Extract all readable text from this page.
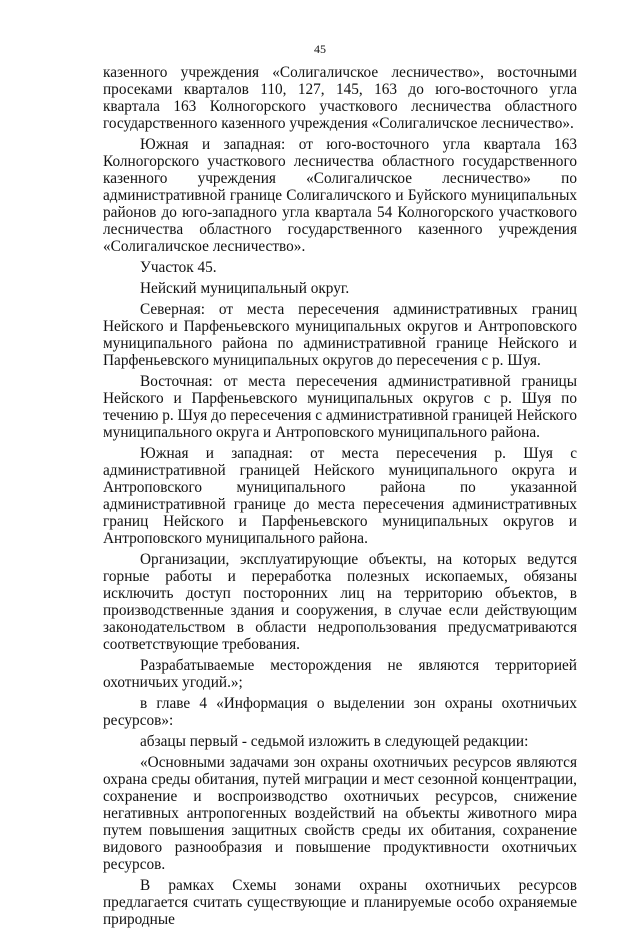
45

казенного учреждения «Солигаличское лесничество», восточными просеками кварталов 110, 127, 145, 163 до юго-восточного угла квартала 163 Колногорского участкового лесничества областного государственного казенного учреждения «Солигаличское лесничество».

Южная и западная: от юго-восточного угла квартала 163 Колногорского участкового лесничества областного государственного казенного учреждения «Солигаличское лесничество» по административной границе Солигаличского и Буйского муниципальных районов до юго-западного угла квартала 54 Колногорского участкового лесничества областного государственного казенного учреждения «Солигаличское лесничество».

Участок 45.

Нейский муниципальный округ.

Северная: от места пересечения административных границ Нейского и Парфеньевского муниципальных округов и Антроповского муниципального района по административной границе Нейского и Парфеньевского муниципальных округов до пересечения с р. Шуя.

Восточная: от места пересечения административной границы Нейского и Парфеньевского муниципальных округов с р. Шуя по течению р. Шуя до пересечения с административной границей Нейского муниципального округа и Антроповского муниципального района.

Южная и западная: от места пересечения р. Шуя с административной границей Нейского муниципального округа и Антроповского муниципального района по указанной административной границе до места пересечения административных границ Нейского и Парфеньевского муниципальных округов и Антроповского муниципального района.

Организации, эксплуатирующие объекты, на которых ведутся горные работы и переработка полезных ископаемых, обязаны исключить доступ посторонних лиц на территорию объектов, в производственные здания и сооружения, в случае если действующим законодательством в области недропользования предусматриваются соответствующие требования.

Разрабатываемые месторождения не являются территорией охотничьих угодий.»;

в главе 4 «Информация о выделении зон охраны охотничьих ресурсов»:

абзацы первый - седьмой изложить в следующей редакции:

«Основными задачами зон охраны охотничьих ресурсов являются охрана среды обитания, путей миграции и мест сезонной концентрации, сохранение и воспроизводство охотничьих ресурсов, снижение негативных антропогенных воздействий на объекты животного мира путем повышения защитных свойств среды их обитания, сохранение видового разнообразия и повышение продуктивности охотничьих ресурсов.

В рамках Схемы зонами охраны охотничьих ресурсов предлагается считать существующие и планируемые особо охраняемые природные
